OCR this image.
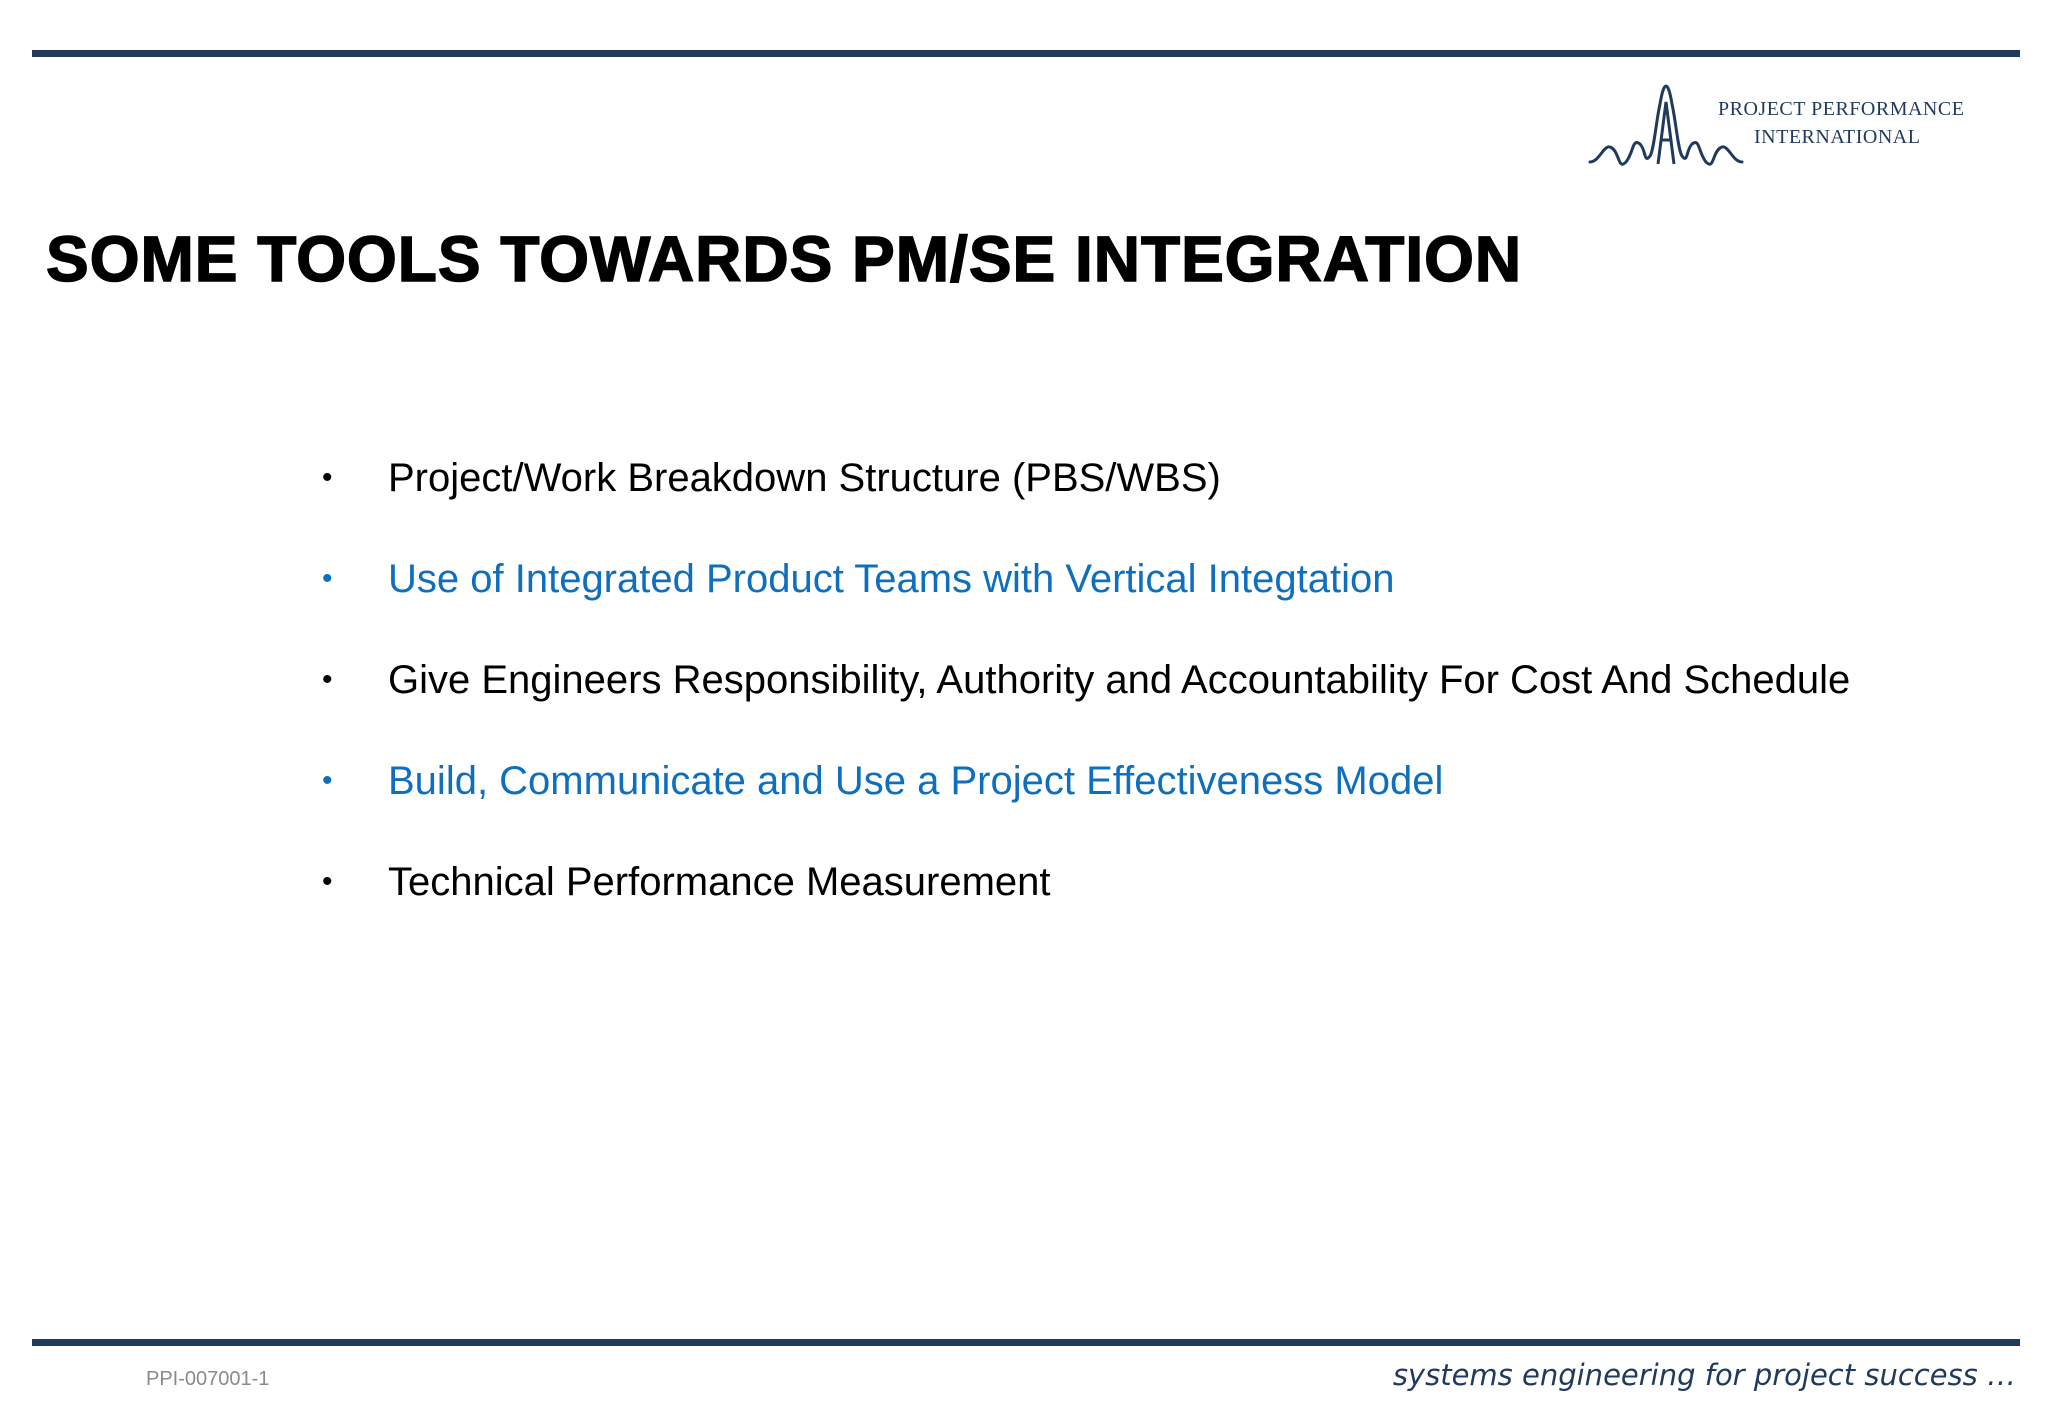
PROJECT PERFORMANCE
INTERNATIONAL
SOME TOOLS TOWARDS PM/SE INTEGRATION
•	Project/Work Breakdown Structure (PBS/WBS)
•	Use of Integrated Product Teams with Vertical Integtation
•	Give Engineers Responsibility, Authority and Accountability For Cost And Schedule
•	Build, Communicate and Use a Project Effectiveness Model
•	Technical Performance Measurement
PPI-007001-1	systems engineering for project success …
